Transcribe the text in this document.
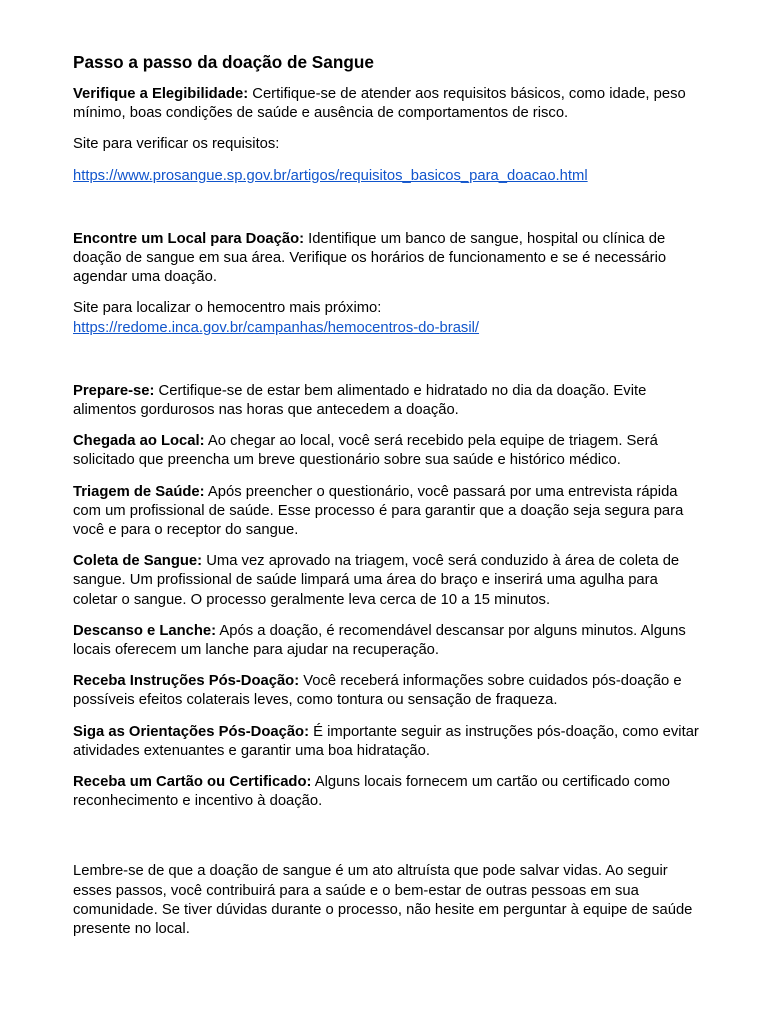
Passo a passo da doação de Sangue

Verifique a Elegibilidade: Certifique-se de atender aos requisitos básicos, como idade, peso mínimo, boas condições de saúde e ausência de comportamentos de risco.

Site para verificar os requisitos:

https://www.prosangue.sp.gov.br/artigos/requisitos_basicos_para_doacao.html

Encontre um Local para Doação: Identifique um banco de sangue, hospital ou clínica de doação de sangue em sua área. Verifique os horários de funcionamento e se é necessário agendar uma doação.

Site para localizar o hemocentro mais próximo:
https://redome.inca.gov.br/campanhas/hemocentros-do-brasil/

Prepare-se: Certifique-se de estar bem alimentado e hidratado no dia da doação. Evite alimentos gordurosos nas horas que antecedem a doação.

Chegada ao Local: Ao chegar ao local, você será recebido pela equipe de triagem. Será solicitado que preencha um breve questionário sobre sua saúde e histórico médico.

Triagem de Saúde: Após preencher o questionário, você passará por uma entrevista rápida com um profissional de saúde. Esse processo é para garantir que a doação seja segura para você e para o receptor do sangue.

Coleta de Sangue: Uma vez aprovado na triagem, você será conduzido à área de coleta de sangue. Um profissional de saúde limpará uma área do braço e inserirá uma agulha para coletar o sangue. O processo geralmente leva cerca de 10 a 15 minutos.

Descanso e Lanche: Após a doação, é recomendável descansar por alguns minutos. Alguns locais oferecem um lanche para ajudar na recuperação.

Receba Instruções Pós-Doação: Você receberá informações sobre cuidados pós-doação e possíveis efeitos colaterais leves, como tontura ou sensação de fraqueza.

Siga as Orientações Pós-Doação: É importante seguir as instruções pós-doação, como evitar atividades extenuantes e garantir uma boa hidratação.

Receba um Cartão ou Certificado: Alguns locais fornecem um cartão ou certificado como reconhecimento e incentivo à doação.

Lembre-se de que a doação de sangue é um ato altruísta que pode salvar vidas. Ao seguir esses passos, você contribuirá para a saúde e o bem-estar de outras pessoas em sua comunidade. Se tiver dúvidas durante o processo, não hesite em perguntar à equipe de saúde presente no local.
